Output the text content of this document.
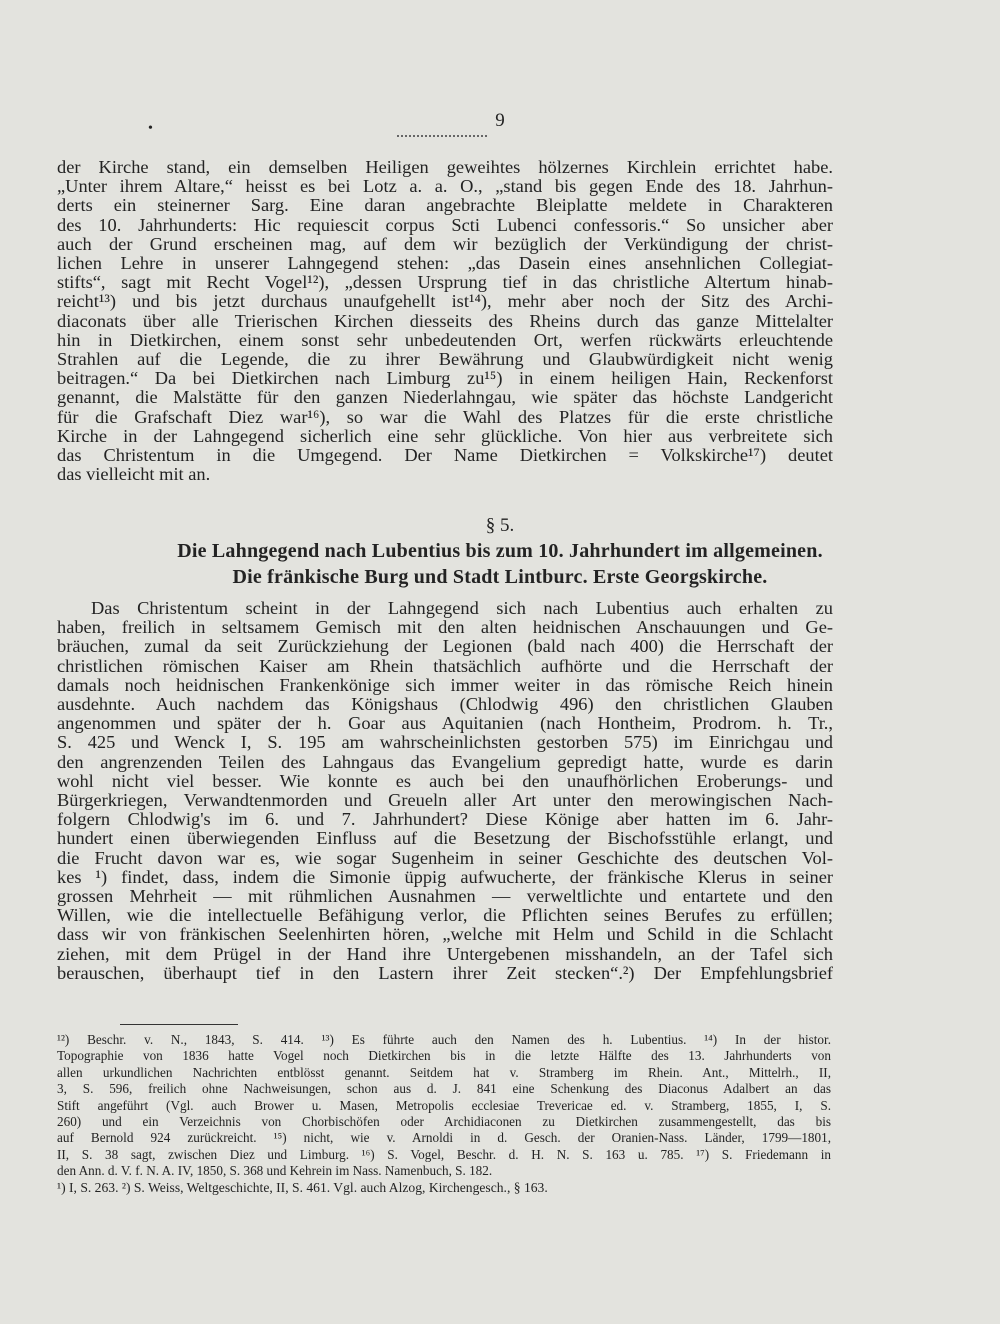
•	9
der Kirche stand, ein demselben Heiligen geweihtes hölzernes Kirchlein errichtet habe.
„Unter ihrem Altare,“ heisst es bei Lotz a. a. O., „stand bis gegen Ende des 18. Jahrhun-
derts ein steinerner Sarg. Eine daran angebrachte Bleiplatte meldete in Charakteren
des 10. Jahrhunderts: Hic requiescit corpus Scti Lubenci confessoris.“ So unsicher aber
auch der Grund erscheinen mag, auf dem wir bezüglich der Verkündigung der christ-
lichen Lehre in unserer Lahngegend stehen: „das Dasein eines ansehnlichen Collegiat-
stifts“, sagt mit Recht Vogel¹²), „dessen Ursprung tief in das christliche Altertum hinab-
reicht¹³) und bis jetzt durchaus unaufgehellt ist¹⁴), mehr aber noch der Sitz des Archi-
diaconats über alle Trierischen Kirchen diesseits des Rheins durch das ganze Mittelalter
hin in Dietkirchen, einem sonst sehr unbedeutenden Ort, werfen rückwärts erleuchtende
Strahlen auf die Legende, die zu ihrer Bewährung und Glaubwürdigkeit nicht wenig
beitragen.“ Da bei Dietkirchen nach Limburg zu¹⁵) in einem heiligen Hain, Reckenforst
genannt, die Malstätte für den ganzen Niederlahngau, wie später das höchste Landgericht
für die Grafschaft Diez war¹⁶), so war die Wahl des Platzes für die erste christliche
Kirche in der Lahngegend sicherlich eine sehr glückliche. Von hier aus verbreitete sich
das Christentum in die Umgegend. Der Name Dietkirchen = Volkskirche¹⁷) deutet
das vielleicht mit an.
§ 5.
Die Lahngegend nach Lubentius bis zum 10. Jahrhundert im allgemeinen.
Die fränkische Burg und Stadt Lintburc. Erste Georgskirche.
Das Christentum scheint in der Lahngegend sich nach Lubentius auch erhalten zu
haben, freilich in seltsamem Gemisch mit den alten heidnischen Anschauungen und Ge-
bräuchen, zumal da seit Zurückziehung der Legionen (bald nach 400) die Herrschaft der
christlichen römischen Kaiser am Rhein thatsächlich aufhörte und die Herrschaft der
damals noch heidnischen Frankenkönige sich immer weiter in das römische Reich hinein
ausdehnte. Auch nachdem das Königshaus (Chlodwig 496) den christlichen Glauben
angenommen und später der h. Goar aus Aquitanien (nach Hontheim, Prodrom. h. Tr.,
S. 425 und Wenck I, S. 195 am wahrscheinlichsten gestorben 575) im Einrichgau und
den angrenzenden Teilen des Lahngaus das Evangelium gepredigt hatte, wurde es darin
wohl nicht viel besser. Wie konnte es auch bei den unaufhörlichen Eroberungs- und
Bürgerkriegen, Verwandtenmorden und Greueln aller Art unter den merowingischen Nach-
folgern Chlodwig's im 6. und 7. Jahrhundert? Diese Könige aber hatten im 6. Jahr-
hundert einen überwiegenden Einfluss auf die Besetzung der Bischofsstühle erlangt, und
die Frucht davon war es, wie sogar Sugenheim in seiner Geschichte des deutschen Vol-
kes ¹) findet, dass, indem die Simonie üppig aufwucherte, der fränkische Klerus in seiner
grossen Mehrheit — mit rühmlichen Ausnahmen — verweltlichte und entartete und den
Willen, wie die intellectuelle Befähigung verlor, die Pflichten seines Berufes zu erfüllen;
dass wir von fränkischen Seelenhirten hören, „welche mit Helm und Schild in die Schlacht
ziehen, mit dem Prügel in der Hand ihre Untergebenen misshandeln, an der Tafel sich
berauschen, überhaupt tief in den Lastern ihrer Zeit stecken“.²) Der Empfehlungsbrief
¹²) Beschr. v. N., 1843, S. 414. ¹³) Es führte auch den Namen des h. Lubentius. ¹⁴) In der histor.
Topographie von 1836 hatte Vogel noch Dietkirchen bis in die letzte Hälfte des 13. Jahrhunderts von
allen urkundlichen Nachrichten entblösst genannt. Seitdem hat v. Stramberg im Rhein. Ant., Mittelrh., II,
3, S. 596, freilich ohne Nachweisungen, schon aus d. J. 841 eine Schenkung des Diaconus Adalbert an das
Stift angeführt (Vgl. auch Brower u. Masen, Metropolis ecclesiae Trevericae ed. v. Stramberg, 1855, I, S.
260) und ein Verzeichnis von Chorbischöfen oder Archidiaconen zu Dietkirchen zusammengestellt, das bis
auf Bernold 924 zurückreicht. ¹⁵) nicht, wie v. Arnoldi in d. Gesch. der Oranien-Nass. Länder, 1799—1801,
II, S. 38 sagt, zwischen Diez und Limburg. ¹⁶) S. Vogel, Beschr. d. H. N. S. 163 u. 785. ¹⁷) S. Friedemann in
den Ann. d. V. f. N. A. IV, 1850, S. 368 und Kehrein im Nass. Namenbuch, S. 182.
¹) I, S. 263. ²) S. Weiss, Weltgeschichte, II, S. 461. Vgl. auch Alzog, Kirchengesch., § 163.
